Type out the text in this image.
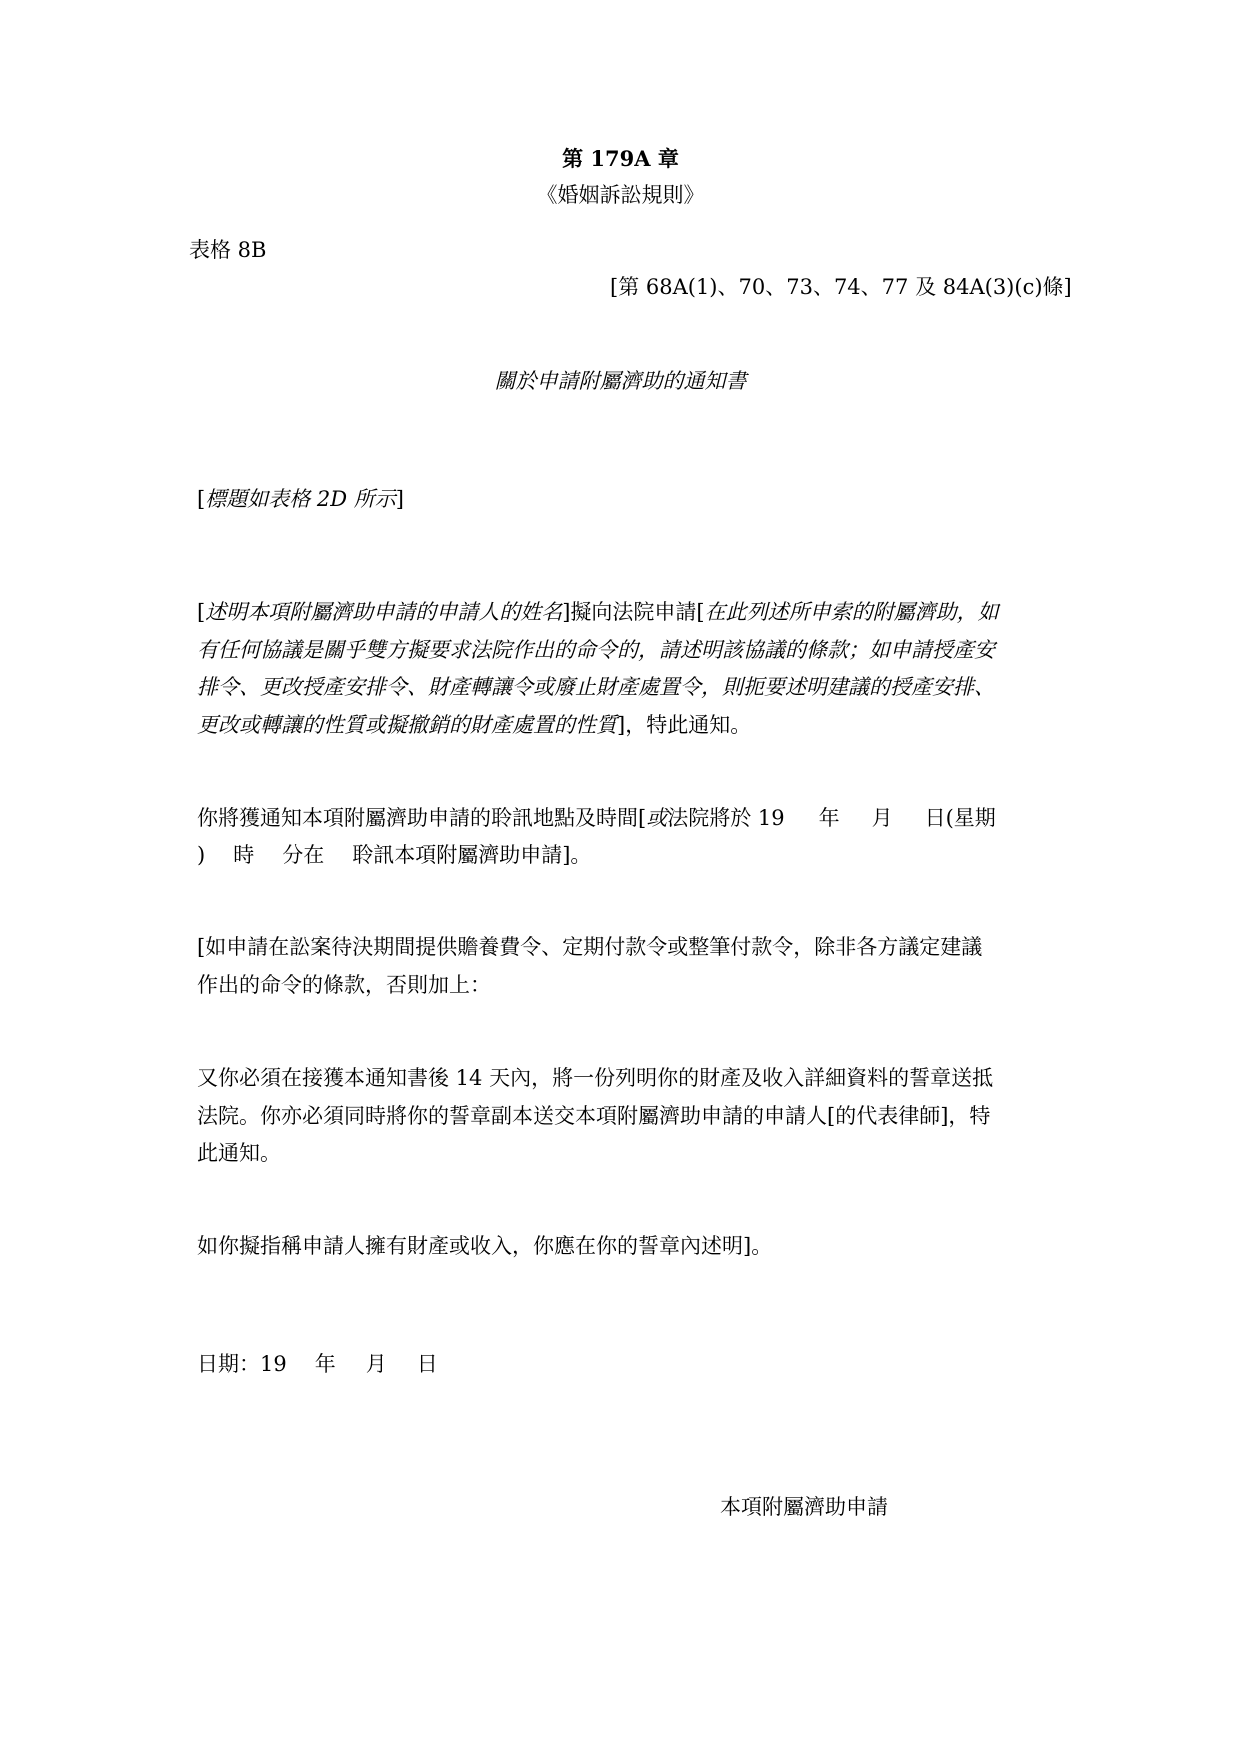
第 179A 章
《婚姻訴訟規則》
表格 8B
[第 68A(1)、70、73、74、77 及 84A(3)(c)條]
關於申請附屬濟助的通知書
[標題如表格 2D 所示]
[述明本項附屬濟助申請的申請人的姓名]擬向法院申請[在此列述所申索的附屬濟助，如
有任何協議是關乎雙方擬要求法院作出的命令的，請述明該協議的條款；如申請授產安
排令、更改授產安排令、財產轉讓令或廢止財產處置令，則扼要述明建議的授產安排、
更改或轉讓的性質或擬撤銷的財產處置的性質]，特此通知。
你將獲通知本項附屬濟助申請的聆訊地點及時間[或法院將於 19 年 月 日(星期
) 時 分在 聆訊本項附屬濟助申請]。
[如申請在訟案待決期間提供贍養費令、定期付款令或整筆付款令，除非各方議定建議
作出的命令的條款，否則加上：
又你必須在接獲本通知書後 14 天內，將一份列明你的財產及收入詳細資料的誓章送抵
法院。你亦必須同時將你的誓章副本送交本項附屬濟助申請的申請人[的代表律師]，特
此通知。
如你擬指稱申請人擁有財產或收入，你應在你的誓章內述明]。
日期：19 年 月 日
本項附屬濟助申請
